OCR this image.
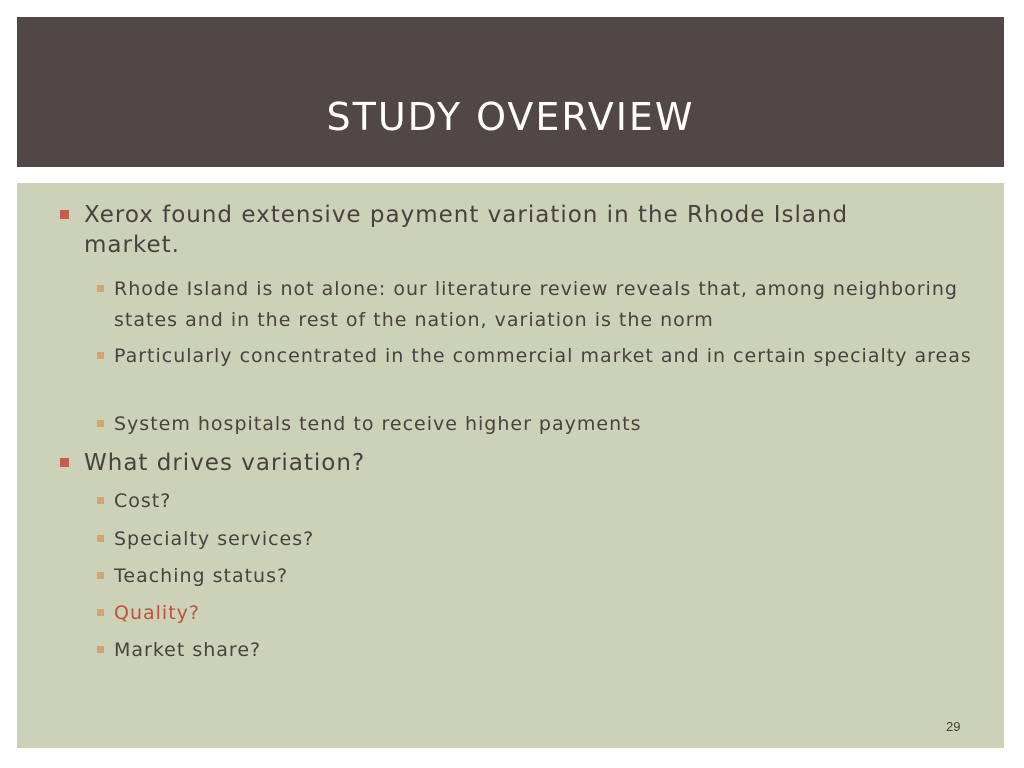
STUDY OVERVIEW
Xerox found extensive payment variation in the Rhode Island market.
Rhode Island is not alone: our literature review reveals that, among neighboring states and in the rest of the nation, variation is the norm
Particularly concentrated in the commercial market and in certain specialty areas
System hospitals tend to receive higher payments
What drives variation?
Cost?
Specialty services?
Teaching status?
Quality?
Market share?
29
